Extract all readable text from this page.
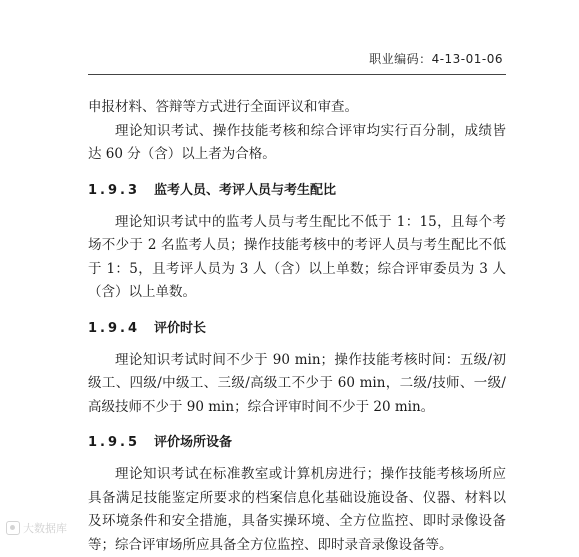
职业编码：4-13-01-06

申报材料、答辩等方式进行全面评议和审查。

理论知识考试、操作技能考核和综合评审均实行百分制，成绩皆达 60 分（含）以上者为合格。

1.9.3 监考人员、考评人员与考生配比

理论知识考试中的监考人员与考生配比不低于 1：15，且每个考场不少于 2 名监考人员；操作技能考核中的考评人员与考生配比不低于 1：5，且考评人员为 3 人（含）以上单数；综合评审委员为 3 人（含）以上单数。

1.9.4 评价时长

理论知识考试时间不少于 90 min；操作技能考核时间：五级/初级工、四级/中级工、三级/高级工不少于 60 min，二级/技师、一级/高级技师不少于 90 min；综合评审时间不少于 20 min。

1.9.5 评价场所设备

理论知识考试在标准教室或计算机房进行；操作技能考核场所应具备满足技能鉴定所要求的档案信息化基础设施设备、仪器、材料以及环境条件和安全措施，具备实操环境、全方位监控、即时录像设备等；综合评审场所应具备全方位监控、即时录音录像设备等。

大数据库
